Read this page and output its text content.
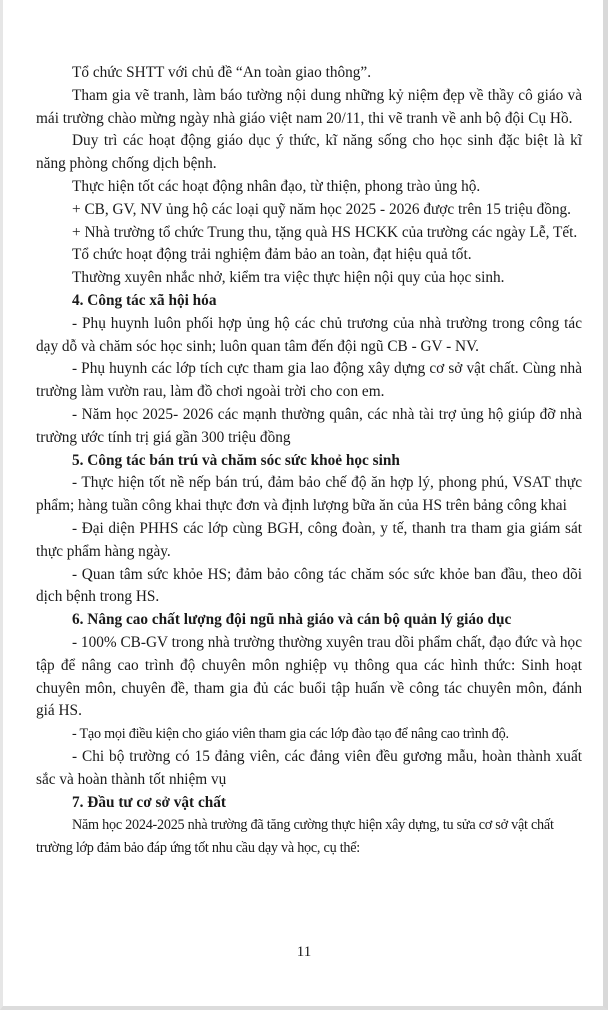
Tổ chức SHTT với chủ đề “An toàn giao thông”.

Tham gia vẽ tranh, làm báo tường nội dung những kỷ niệm đẹp về thầy cô giáo và mái trường chào mừng ngày nhà giáo việt nam 20/11, thi vẽ tranh về anh bộ đội Cụ Hồ.

Duy trì các hoạt động giáo dục ý thức, kĩ năng sống cho học sinh đặc biệt là kĩ năng phòng chống dịch bệnh.

Thực hiện tốt các hoạt động nhân đạo, từ thiện, phong trào ủng hộ.

+ CB, GV, NV ủng hộ các loại quỹ năm học 2025 - 2026 được trên 15 triệu đồng.

+ Nhà trường tổ chức Trung thu, tặng quà HS HCKK của trường các ngày Lễ, Tết.

Tổ chức hoạt động trải nghiệm đảm bảo an toàn, đạt hiệu quả tốt.

Thường xuyên nhắc nhở, kiểm tra việc thực hiện nội quy của học sinh.

4. Công tác xã hội hóa

- Phụ huynh luôn phối hợp ủng hộ các chủ trương của nhà trường trong công tác dạy dỗ và chăm sóc học sinh; luôn quan tâm đến đội ngũ CB - GV - NV.

- Phụ huynh các lớp tích cực tham gia lao động xây dựng cơ sở vật chất. Cùng nhà trường làm vườn rau, làm đồ chơi ngoài trời cho con em.

- Năm học 2025- 2026 các mạnh thường quân, các nhà tài trợ ủng hộ giúp đỡ nhà trường ước tính trị giá gần 300 triệu đồng

5. Công tác bán trú và chăm sóc sức khoẻ học sinh

- Thực hiện tốt nề nếp bán trú, đảm bảo chế độ ăn hợp lý, phong phú, VSAT thực phẩm; hàng tuần công khai thực đơn và định lượng bữa ăn của HS trên bảng công khai

- Đại diện PHHS các lớp cùng BGH, công đoàn, y tế, thanh tra tham gia giám sát thực phẩm hàng ngày.

- Quan tâm sức khỏe HS; đảm bảo công tác chăm sóc sức khỏe ban đầu, theo dõi dịch bệnh trong HS.

6. Nâng cao chất lượng đội ngũ nhà giáo và cán bộ quản lý giáo dục

- 100% CB-GV trong nhà trường thường xuyên trau dồi phẩm chất, đạo đức và học tập để nâng cao trình độ chuyên môn nghiệp vụ thông qua các hình thức: Sinh hoạt chuyên môn, chuyên đề, tham gia đủ các buổi tập huấn về công tác chuyên môn, đánh giá HS.

- Tạo mọi điều kiện cho giáo viên tham gia các lớp đào tạo để nâng cao trình độ.

- Chi bộ trường có 15 đảng viên, các đảng viên đều gương mẫu, hoàn thành xuất sắc và hoàn thành tốt nhiệm vụ

7. Đầu tư cơ sở vật chất

Năm học 2024-2025 nhà trường đã tăng cường thực hiện xây dựng, tu sửa cơ sở vật chất trường lớp đảm bảo đáp ứng tốt nhu cầu dạy và học, cụ thể:

11
